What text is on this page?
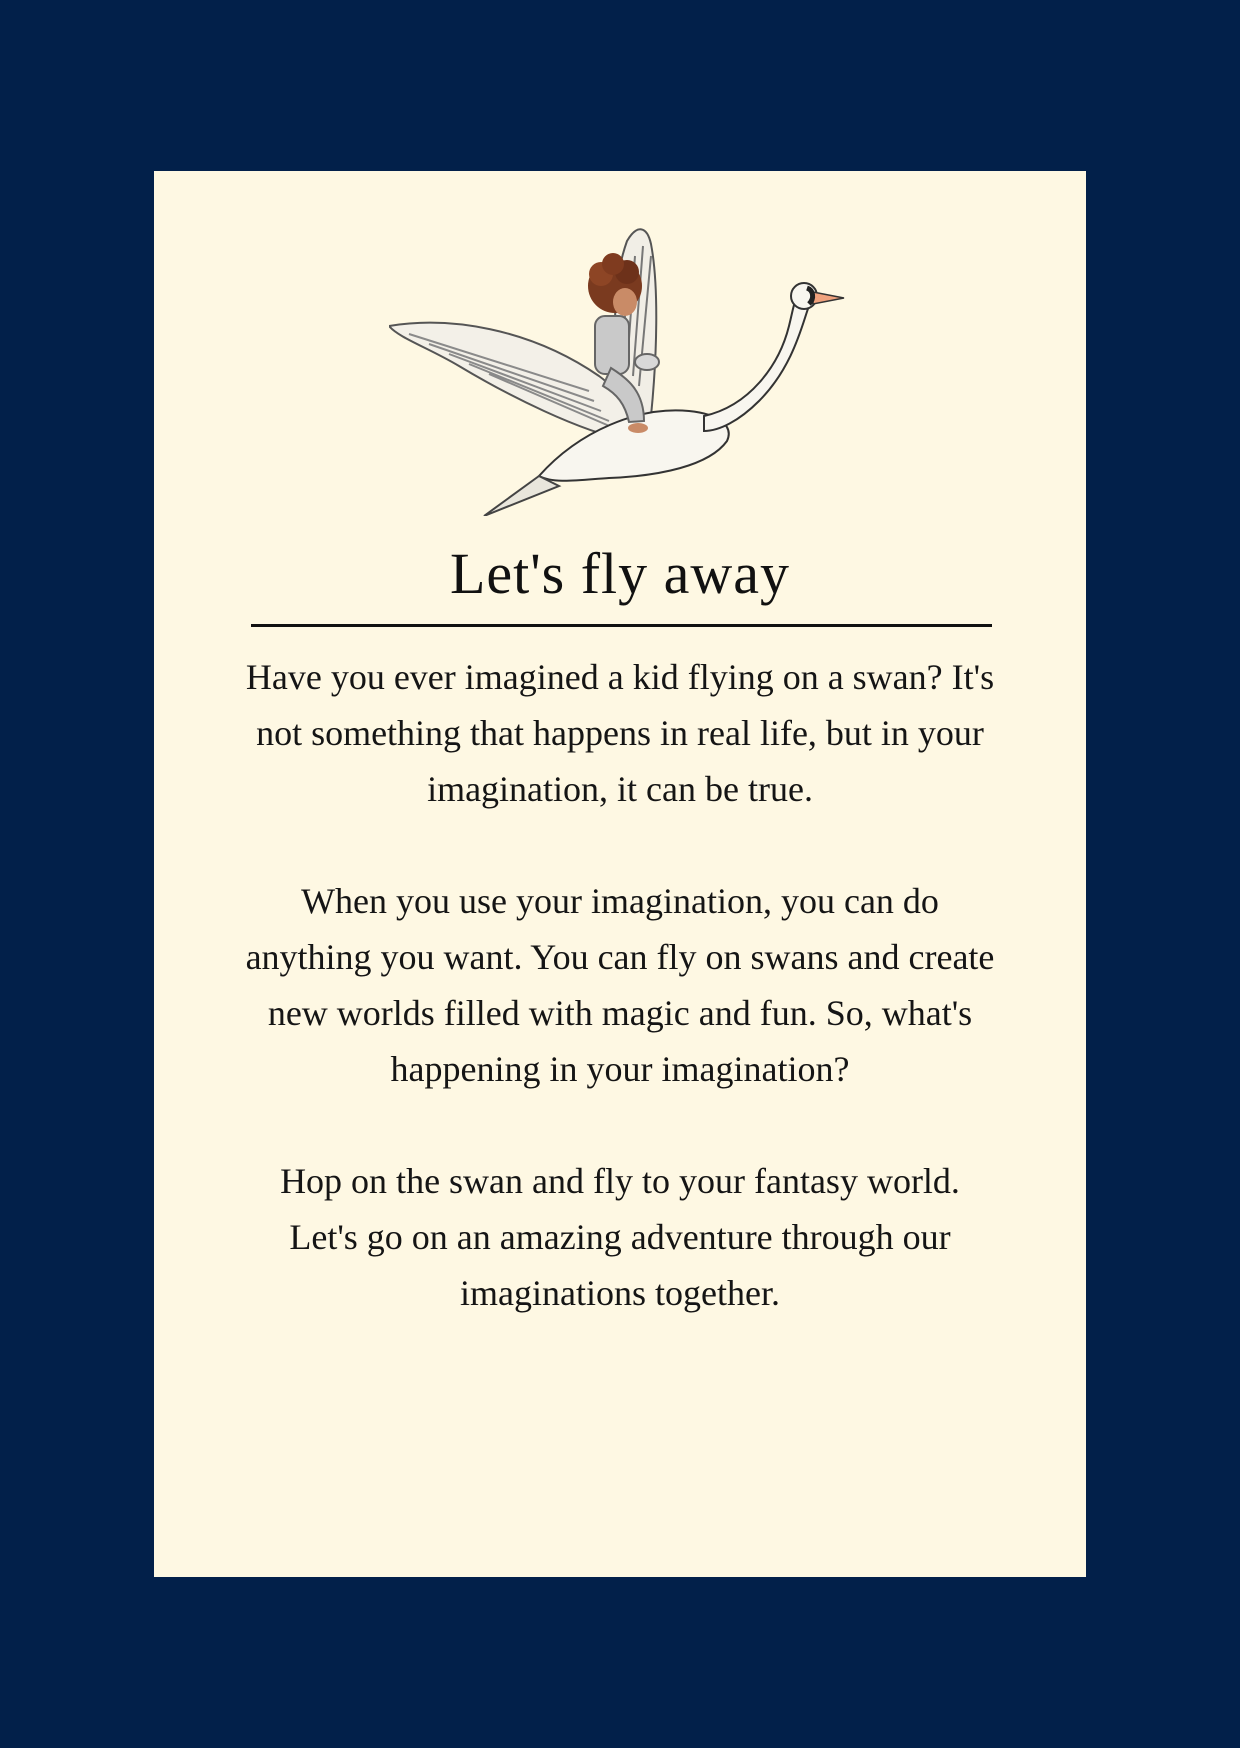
Let's fly away

Have you ever imagined a kid flying on a swan? It's not something that happens in real life, but in your imagination, it can be true.

When you use your imagination, you can do anything you want. You can fly on swans and create new worlds filled with magic and fun. So, what's happening in your imagination?

Hop on the swan and fly to your fantasy world. Let's go on an amazing adventure through our imaginations together.
